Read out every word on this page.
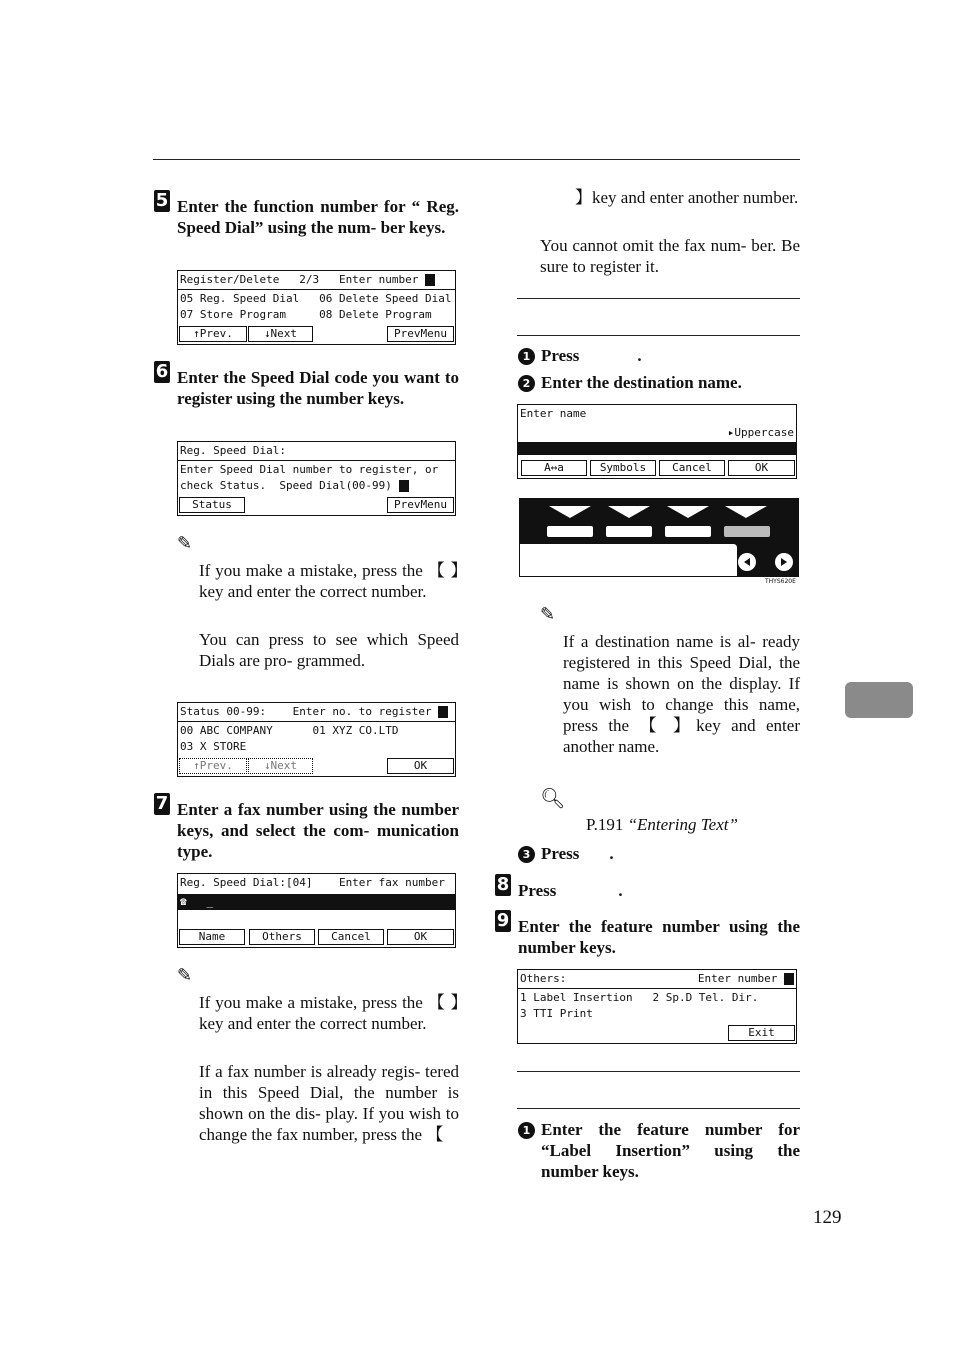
5 Enter the function number for “ Reg. Speed Dial” using the num- ber keys.
Register/Delete   2/3   Enter number
05 Reg. Speed Dial   06 Delete Speed Dial
07 Store Program     08 Delete Program
↑Prev.	↓Next	PrevMenu
6 Enter the Speed Dial code you want to register using the number keys.
Reg. Speed Dial:
Enter Speed Dial number to register, or
check Status.  Speed Dial(00-99)
Status	PrevMenu
✎
If you make a mistake, press the 【 】key and enter the correct number.
You can press to see which Speed Dials are pro- grammed.
Status 00-99:    Enter no. to register
00 ABC COMPANY      01 XYZ CO.LTD
03 X STORE
↑Prev.	↓Next	OK
7 Enter a fax number using the number keys, and select the com- munication type.
Reg. Speed Dial:[04]    Enter fax number
☎   _
Name	Others	Cancel	OK
✎
If you make a mistake, press the 【 】key and enter the correct number.
If a fax number is already regis- tered in this Speed Dial, the number is shown on the dis- play. If you wish to change the fax number, press the 【
】key and enter another number.
You cannot omit the fax num- ber. Be sure to register it.
1 Press	.
2 Enter the destination name.
Enter name
▸Uppercase

A↔a	Symbols	Cancel	OK
THYS620E
✎
If a destination name is al- ready registered in this Speed Dial, the name is shown on the display. If you wish to change this name, press the 【 】key and enter another name.
🔍︎
P.191 “Entering Text”
3 Press .
8 Press	.
9 Enter the feature number using the number keys.
Others:	Enter number
1 Label Insertion   2 Sp.D Tel. Dir.
3 TTI Print
Exit
1 Enter the feature number for “Label Insertion” using the number keys.
129
